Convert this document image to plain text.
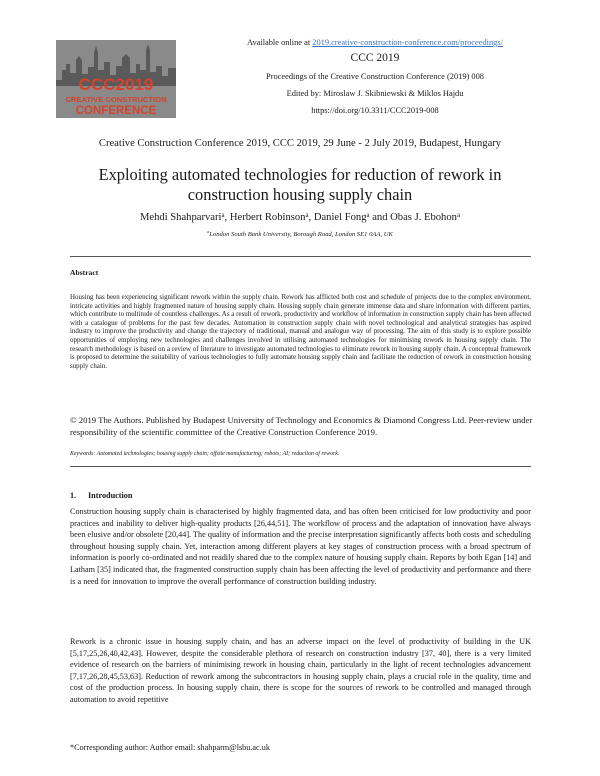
CCC2019
CREATIVE CONSTRUCTION
CONFERENCE
Available online at 2019.creative-construction-conference.com/proceedings/
CCC 2019
Proceedings of the Creative Construction Conference (2019) 008
Edited by: Miroslaw J. Skibniewski & Miklos Hajdu
https://doi.org/10.3311/CCC2019-008
Creative Construction Conference 2019, CCC 2019, 29 June - 2 July 2019, Budapest, Hungary
Exploiting automated technologies for reduction of rework in construction housing supply chain
Mehdi Shahparvari$^a$, Herbert Robinson$^a$, Daniel Fong$^a$ and Obas J. Ebohon$^a$
$^a$London South Bank University, Borough Road, London SE1 0AA, UK
Abstract
Housing has been experiencing significant rework within the supply chain. Rework has afflicted both cost and schedule of projects due to the complex environment, intricate activities and highly fragmented nature of housing supply chain. Housing supply chain generate immense data and share information with different parties, which contribute to multitude of countless challenges. As a result of rework, productivity and workflow of information in construction supply chain has been affected with a catalogue of problems for the past few decades. Automation in construction supply chain with novel technological and analytical strategies has aspired industry to improve the productivity and change the trajectory of traditional, manual and analogue way of processing. The aim of this study is to explore possible opportunities of employing new technologies and challenges involved in utilising automated technologies for minimising rework in housing supply chain. The research methodology is based on a review of literature to investigate automated technologies to eliminate rework in housing supply chain. A conceptual framework is proposed to determine the suitability of various technologies to fully automate housing supply chain and facilitate the reduction of rework in construction housing supply chain.
© 2019 The Authors. Published by Budapest University of Technology and Economics & Diamond Congress Ltd. Peer-review under responsibility of the scientific committee of the Creative Construction Conference 2019.
Keywords: Automated technologies; housing supply chain; offsite manufacturing; robots; AI; reduction of rework.
1. Introduction
Construction housing supply chain is characterised by highly fragmented data, and has often been criticised for low productivity and poor practices and inability to deliver high-quality products [26,44,51]. The workflow of process and the adaptation of innovation have always been elusive and/or obsolete [20,44]. The quality of information and the precise interpretation significantly affects both costs and scheduling throughout housing supply chain. Yet, interaction among different players at key stages of construction process with a broad spectrum of information is poorly co-ordinated and not readily shared due to the complex nature of housing supply chain. Reports by both Egan [14] and Latham [35] indicated that, the fragmented construction supply chain has been affecting the level of productivity and performance and there is a need for innovation to improve the overall performance of construction building industry.
Rework is a chronic issue in housing supply chain, and has an adverse impact on the level of productivity of building in the UK [5,17,25,26,40,42,43]. However, despite the considerable plethora of research on construction industry [37, 40], there is a very limited evidence of research on the barriers of minimising rework in housing chain, particularly in the light of recent technologies advancement [7,17,26,28,45,53,63]. Reduction of rework among the subcontractors in housing supply chain, plays a crucial role in the quality, time and cost of the production process. In housing supply chain, there is scope for the sources of rework to be controlled and managed through automation to avoid repetitive
*Corresponding author: Author email: shahparm@lsbu.ac.uk
